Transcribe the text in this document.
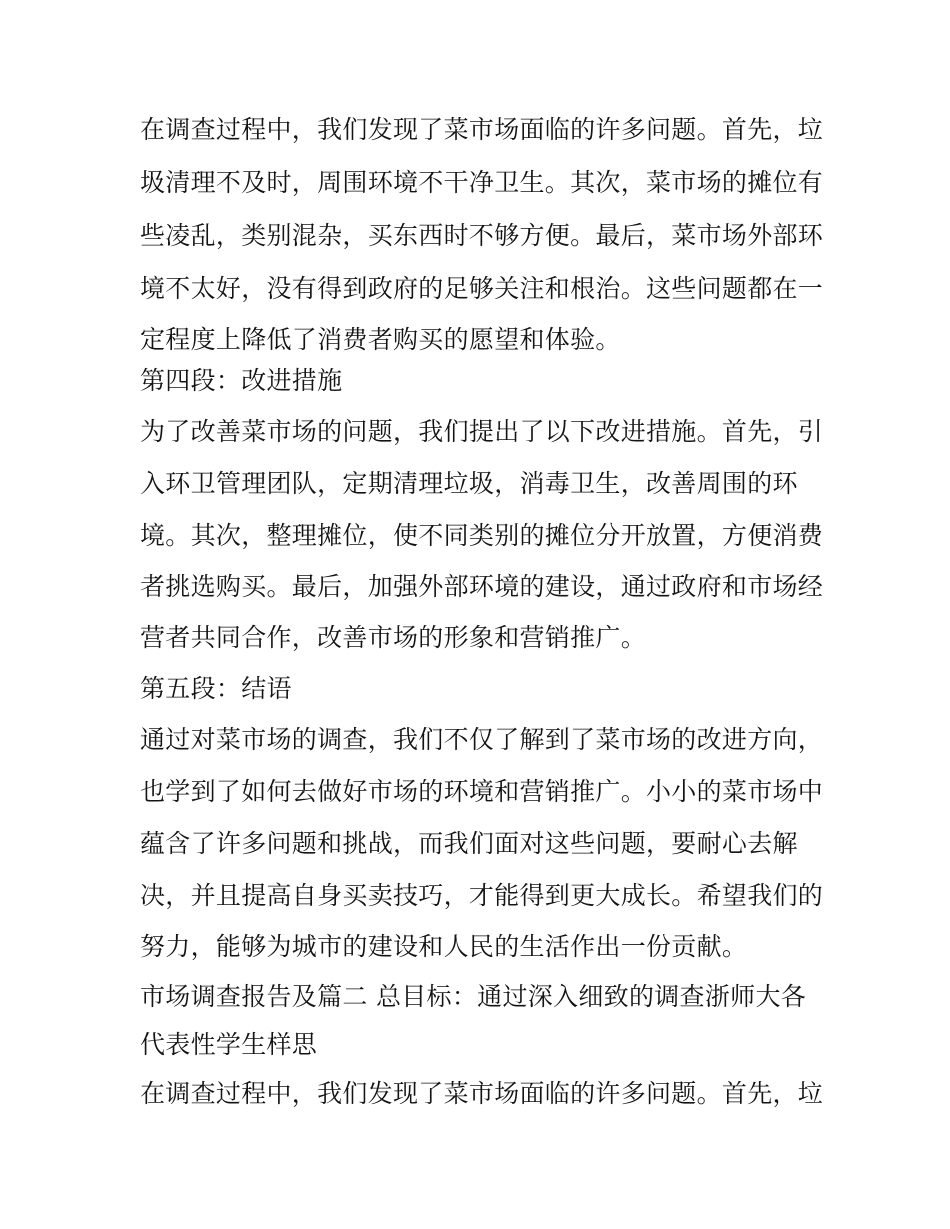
在调查过程中，我们发现了菜市场面临的许多问题。首先，垃
圾清理不及时，周围环境不干净卫生。其次，菜市场的摊位有
些凌乱，类别混杂，买东西时不够方便。最后，菜市场外部环
境不太好，没有得到政府的足够关注和根治。这些问题都在一
定程度上降低了消费者购买的愿望和体验。
第四段：改进措施
为了改善菜市场的问题，我们提出了以下改进措施。首先，引
入环卫管理团队，定期清理垃圾，消毒卫生，改善周围的环
境。其次，整理摊位，使不同类别的摊位分开放置，方便消费
者挑选购买。最后，加强外部环境的建设，通过政府和市场经
营者共同合作，改善市场的形象和营销推广。
第五段：结语
通过对菜市场的调查，我们不仅了解到了菜市场的改进方向，
也学到了如何去做好市场的环境和营销推广。小小的菜市场中
蕴含了许多问题和挑战，而我们面对这些问题，要耐心去解
决，并且提高自身买卖技巧，才能得到更大成长。希望我们的
努力，能够为城市的建设和人民的生活作出一份贡献。
市场调查报告及篇二 总目标：通过深入细致的调查浙师大各
代表性学生样思
在调查过程中，我们发现了菜市场面临的许多问题。首先，垃
